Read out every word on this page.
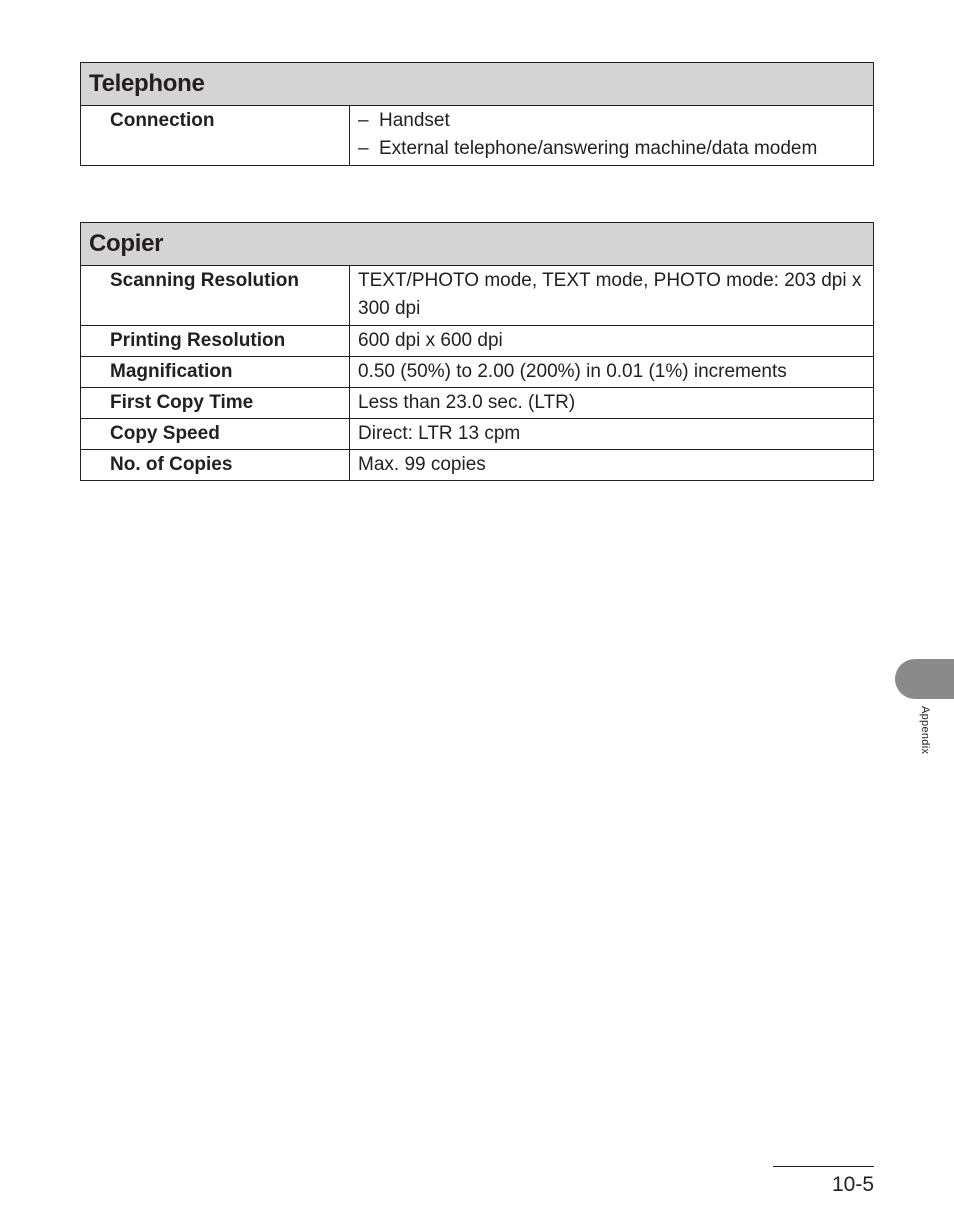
Telephone
Connection	– Handset
– External telephone/answering machine/data modem
Copier	
Scanning Resolution	TEXT/PHOTO mode, TEXT mode, PHOTO mode: 203 dpi x 300 dpi
Printing Resolution	600 dpi x 600 dpi
Magnification	0.50 (50%) to 2.00 (200%) in 0.01 (1%) increments
First Copy Time	Less than 23.0 sec. (LTR)
Copy Speed	Direct: LTR 13 cpm
No. of Copies	Max. 99 copies
Appendix
10-5
